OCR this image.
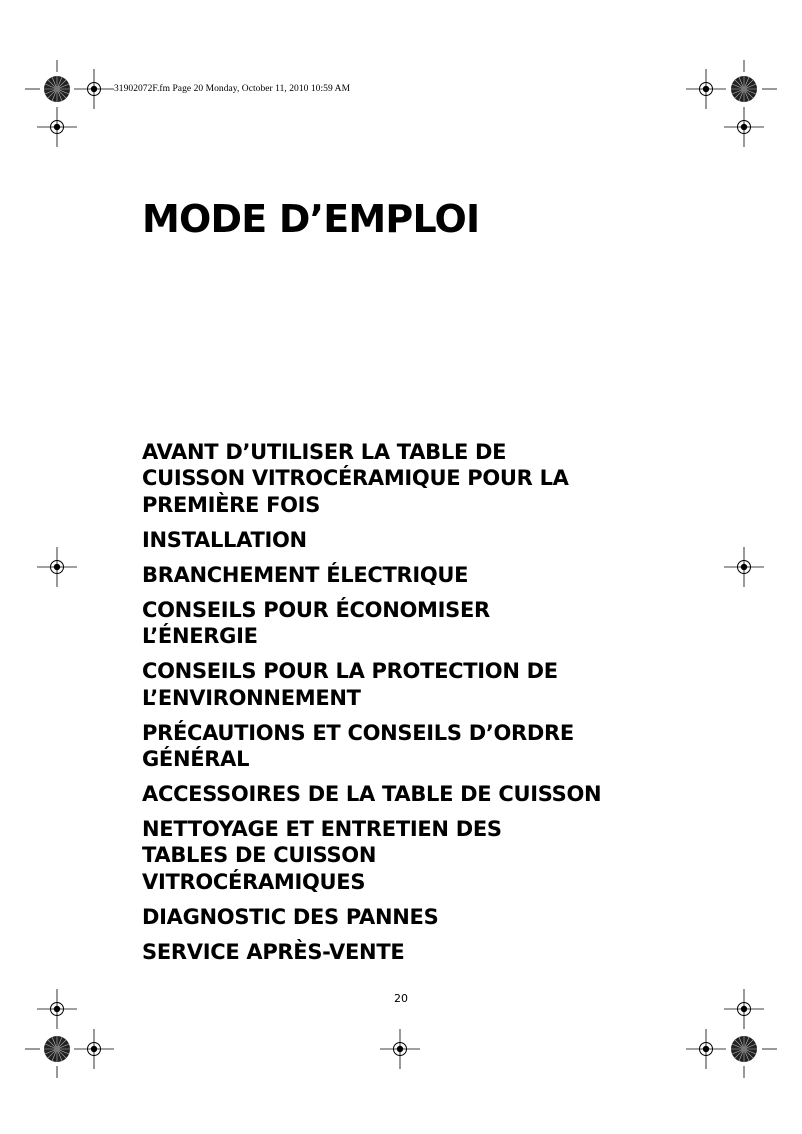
31902072F.fm Page 20 Monday, October 11, 2010 10:59 AM
MODE D’EMPLOI
AVANT D’UTILISER LA TABLE DE
CUISSON VITROCÉRAMIQUE POUR LA
PREMIÈRE FOIS
INSTALLATION
BRANCHEMENT ÉLECTRIQUE
CONSEILS POUR ÉCONOMISER
L’ÉNERGIE
CONSEILS POUR LA PROTECTION DE
L’ENVIRONNEMENT
PRÉCAUTIONS ET CONSEILS D’ORDRE
GÉNÉRAL
ACCESSOIRES DE LA TABLE DE CUISSON
NETTOYAGE ET ENTRETIEN DES
TABLES DE CUISSON
VITROCÉRAMIQUES
DIAGNOSTIC DES PANNES
SERVICE APRÈS-VENTE
20
